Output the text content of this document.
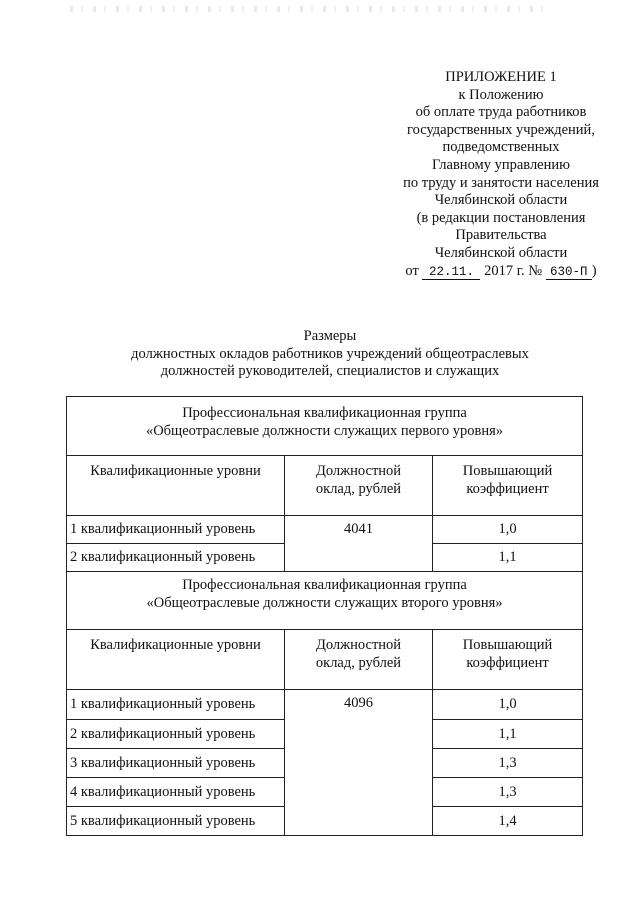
ПРИЛОЖЕНИЕ 1
к Положению
об оплате труда работников
государственных учреждений,
подведомственных
Главному управлению
по труду и занятости населения
Челябинской области
(в редакции постановления
Правительства
Челябинской области
от 22.11. 2017 г. № 630-П )
Размеры
должностных окладов работников учреждений общеотраслевых
должностей руководителей, специалистов и служащих
Профессиональная квалификационная группа
«Общеотраслевые должности служащих первого уровня»		

Квалификационные уровни	Должностной оклад, рублей	Повышающий коэффициент
1 квалификационный уровень	4041	1,0
2 квалификационный уровень		1,1

Профессиональная квалификационная группа
«Общеотраслевые должности служащих второго уровня»		

Квалификационные уровни	Должностной оклад, рублей	Повышающий коэффициент
1 квалификационный уровень	4096	1,0
2 квалификационный уровень		1,1
3 квалификационный уровень		1,3
4 квалификационный уровень		1,3
5 квалификационный уровень		1,4
